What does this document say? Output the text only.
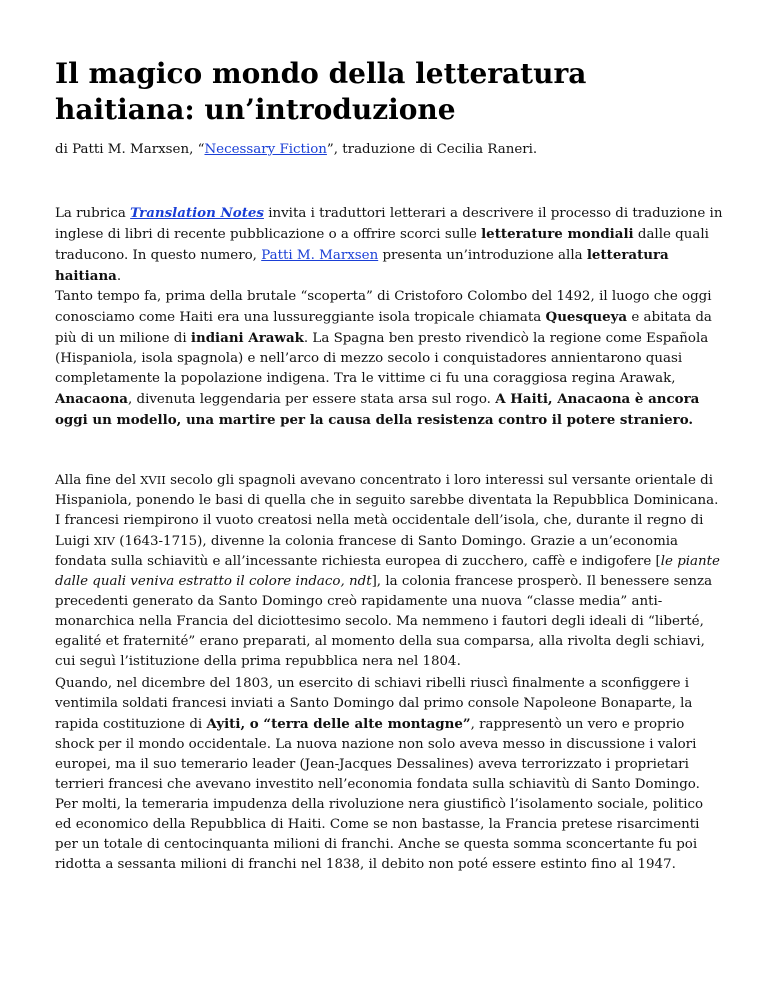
Il magico mondo della letteratura haitiana: un’introduzione

di Patti M. Marxsen, “Necessary Fiction”, traduzione di Cecilia Raneri.

La rubrica Translation Notes invita i traduttori letterari a descrivere il processo di traduzione in inglese di libri di recente pubblicazione o a offrire scorci sulle letterature mondiali dalle quali traducono. In questo numero, Patti M. Marxsen presenta un’introduzione alla letteratura haitiana.

Tanto tempo fa, prima della brutale “scoperta” di Cristoforo Colombo del 1492, il luogo che oggi conosciamo come Haiti era una lussureggiante isola tropicale chiamata Quesqueya e abitata da più di un milione di indiani Arawak. La Spagna ben presto rivendicò la regione come Española (Hispaniola, isola spagnola) e nell’arco di mezzo secolo i conquistadores annientarono quasi completamente la popolazione indigena. Tra le vittime ci fu una coraggiosa regina Arawak, Anacaona, divenuta leggendaria per essere stata arsa sul rogo. A Haiti, Anacaona è ancora oggi un modello, una martire per la causa della resistenza contro il potere straniero.

Alla fine del XVII secolo gli spagnoli avevano concentrato i loro interessi sul versante orientale di Hispaniola, ponendo le basi di quella che in seguito sarebbe diventata la Repubblica Dominicana. I francesi riempirono il vuoto creatosi nella metà occidentale dell’isola, che, durante il regno di Luigi XIV (1643-1715), divenne la colonia francese di Santo Domingo. Grazie a un’economia fondata sulla schiavitù e all’incessante richiesta europea di zucchero, caffè e indigofere [le piante dalle quali veniva estratto il colore indaco, ndt], la colonia francese prosperò. Il benessere senza precedenti generato da Santo Domingo creò rapidamente una nuova “classe media” anti-monarchica nella Francia del diciottesimo secolo. Ma nemmeno i fautori degli ideali di “liberté, egalité et fraternité” erano preparati, al momento della sua comparsa, alla rivolta degli schiavi, cui seguì l’istituzione della prima repubblica nera nel 1804.

Quando, nel dicembre del 1803, un esercito di schiavi ribelli riuscì finalmente a sconfiggere i ventimila soldati francesi inviati a Santo Domingo dal primo console Napoleone Bonaparte, la rapida costituzione di Ayiti, o “terra delle alte montagne”, rappresentò un vero e proprio shock per il mondo occidentale. La nuova nazione non solo aveva messo in discussione i valori europei, ma il suo temerario leader (Jean-Jacques Dessalines) aveva terrorizzato i proprietari terrieri francesi che avevano investito nell’economia fondata sulla schiavitù di Santo Domingo. Per molti, la temeraria impudenza della rivoluzione nera giustificò l’isolamento sociale, politico ed economico della Repubblica di Haiti. Come se non bastasse, la Francia pretese risarcimenti per un totale di centocinquanta milioni di franchi. Anche se questa somma sconcertante fu poi ridotta a sessanta milioni di franchi nel 1838, il debito non poté essere estinto fino al 1947.
